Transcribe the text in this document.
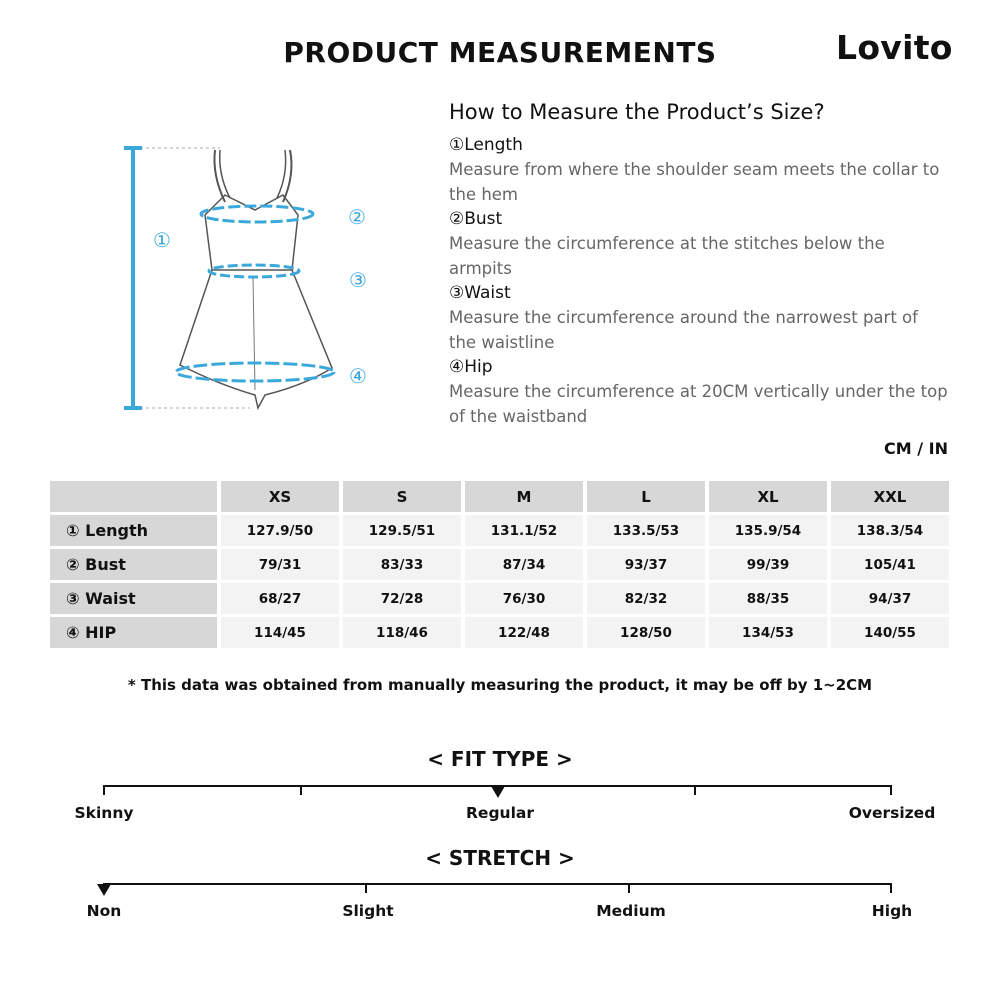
PRODUCT MEASUREMENTS	Lovito
①
②
③
④
How to Measure the Product’s Size?
①Length
Measure from where the shoulder seam meets the collar to the hem
②Bust
Measure the circumference at the stitches below the armpits
③Waist
Measure the circumference around the narrowest part of the waistline
④Hip
Measure the circumference at 20CM vertically under the top of the waistband
CM / IN
	XS	S	M	L	XL	XXL
① Length	127.9/50	129.5/51	131.1/52	133.5/53	135.9/54	138.3/54
② Bust	79/31	83/33	87/34	93/37	99/39	105/41
③ Waist	68/27	72/28	76/30	82/32	88/35	94/37
④ HIP	114/45	118/46	122/48	128/50	134/53	140/55
* This data was obtained from manually measuring the product, it may be off by 1~2CM
< FIT TYPE >
Skinny	Regular	Oversized
< STRETCH >
Non	Slight	Medium	High
